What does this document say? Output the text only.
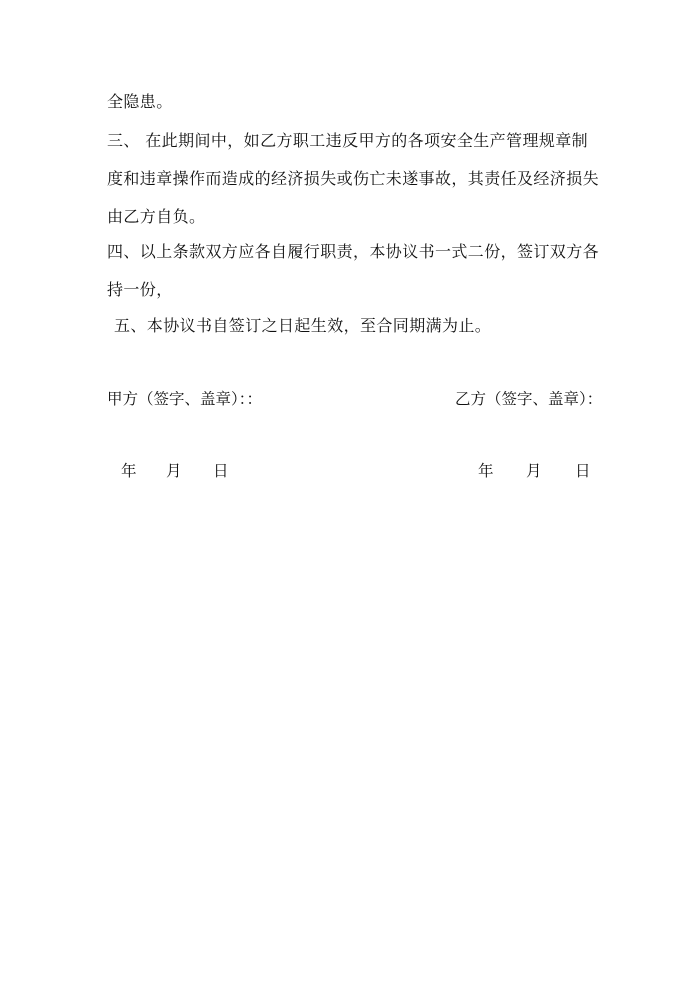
全隐患。
三、 在此期间中，如乙方职工违反甲方的各项安全生产管理规章制
度和违章操作而造成的经济损失或伤亡未遂事故，其责任及经济损失
由乙方自负。
四、以上条款双方应各自履行职责，本协议书一式二份，签订双方各
持一份，
五、本协议书自签订之日起生效，至合同期满为止。
甲方（签字、盖章）：：	乙方（签字、盖章）：
年 月 日	年 月 日
